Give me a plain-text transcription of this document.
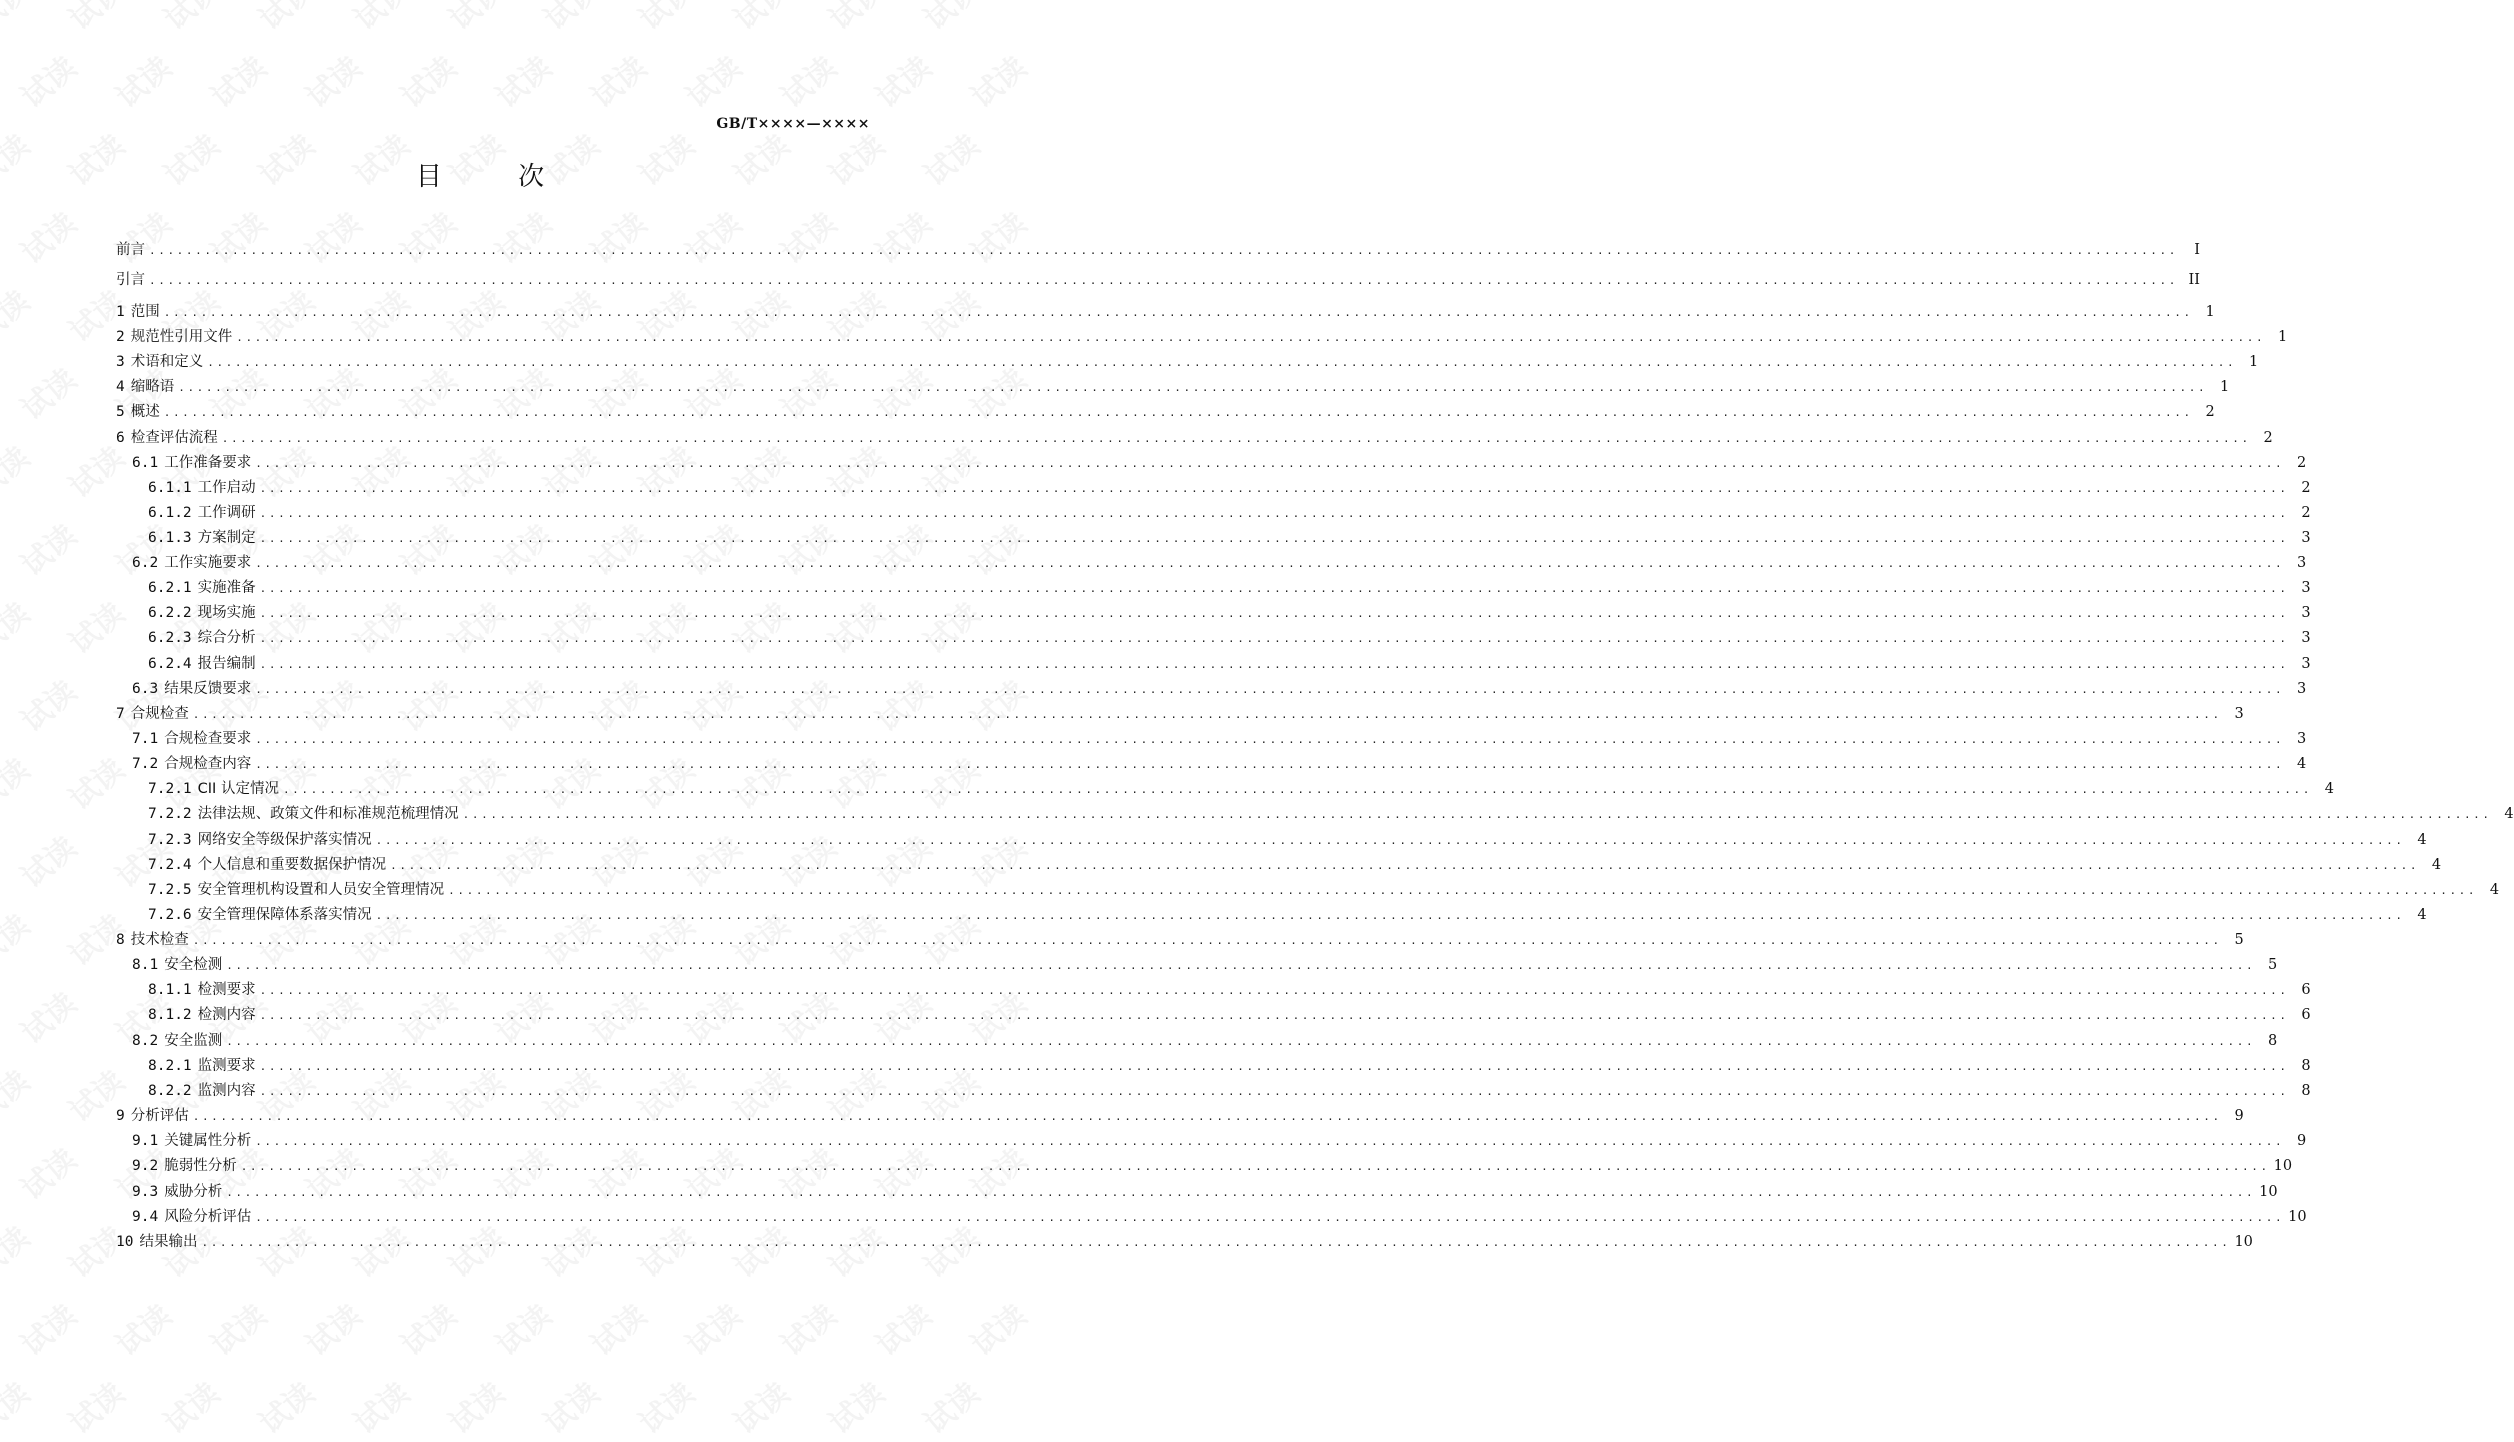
GB/T××××—××××
目 次
前言 ............................................................................................................................................................................................................................	I
引言 ............................................................................................................................................................................................................................ II
1 范围 ............................................................................................................................................................................................................................ 1
2 规范性引用文件 ............................................................................................................................................................................................................................ 1
3 术语和定义 ............................................................................................................................................................................................................................ 1
4 缩略语 ............................................................................................................................................................................................................................ 1
5 概述 ............................................................................................................................................................................................................................ 2
6 检查评估流程 ............................................................................................................................................................................................................................ 2
6.1 工作准备要求 ............................................................................................................................................................................................................................ 2
6.1.1 工作启动 ............................................................................................................................................................................................................................ 2
6.1.2 工作调研 ............................................................................................................................................................................................................................ 2
6.1.3 方案制定 ............................................................................................................................................................................................................................ 3
6.2 工作实施要求 ............................................................................................................................................................................................................................ 3
6.2.1 实施准备 ............................................................................................................................................................................................................................ 3
6.2.2 现场实施 ............................................................................................................................................................................................................................ 3
6.2.3 综合分析 ............................................................................................................................................................................................................................ 3
6.2.4 报告编制 ............................................................................................................................................................................................................................ 3
6.3 结果反馈要求 ............................................................................................................................................................................................................................ 3
7 合规检查 ............................................................................................................................................................................................................................ 3
7.1 合规检查要求 ............................................................................................................................................................................................................................ 3
7.2 合规检查内容 ............................................................................................................................................................................................................................ 4
7.2.1 CII 认定情况 ............................................................................................................................................................................................................................ 4
7.2.2 法律法规、政策文件和标准规范梳理情况 ............................................................................................................................................................................................................................ 4
7.2.3 网络安全等级保护落实情况 ............................................................................................................................................................................................................................ 4
7.2.4 个人信息和重要数据保护情况 ............................................................................................................................................................................................................................ 4
7.2.5 安全管理机构设置和人员安全管理情况 ............................................................................................................................................................................................................................ 4
7.2.6 安全管理保障体系落实情况 ............................................................................................................................................................................................................................ 4
8 技术检查 ............................................................................................................................................................................................................................ 5
8.1 安全检测 ............................................................................................................................................................................................................................ 5
8.1.1 检测要求 ............................................................................................................................................................................................................................ 6
8.1.2 检测内容 ............................................................................................................................................................................................................................ 6
8.2 安全监测 ............................................................................................................................................................................................................................ 8
8.2.1 监测要求 ............................................................................................................................................................................................................................ 8
8.2.2 监测内容 ............................................................................................................................................................................................................................ 8
9 分析评估 ............................................................................................................................................................................................................................ 9
9.1 关键属性分析 ............................................................................................................................................................................................................................ 9
9.2 脆弱性分析 ............................................................................................................................................................................................................................ 10
9.3 威胁分析 ............................................................................................................................................................................................................................ 10
9.4 风险分析评估 ............................................................................................................................................................................................................................ 10
10 结果输出 ............................................................................................................................................................................................................................ 10
